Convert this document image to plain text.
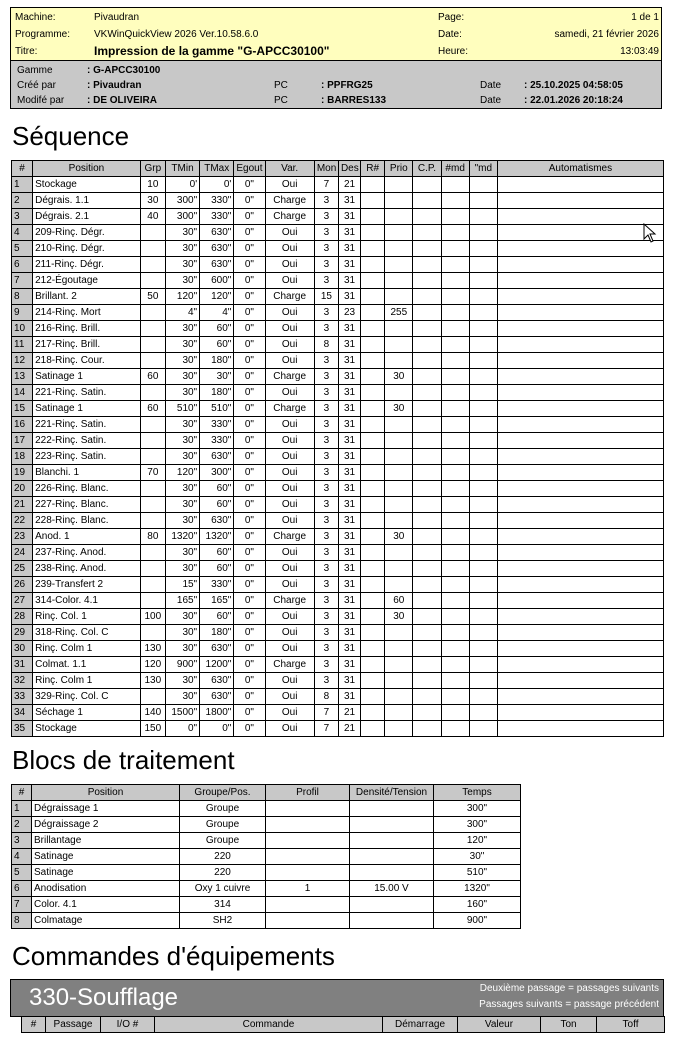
Machine:	Pivaudran
Programme: VKWinQuickView 2026 Ver.10.58.6.0
Titre:	Impression de la gamme "G-APCC30100"
Page:	1 de 1
Date:	samedi, 21 février 2026
Heure:	13:03:49
Gamme	: G-APCC30100
Créé par	: Pivaudran	PC	: PPFRG25	Date : 25.10.2025 04:58:05
Modifé par : DE OLIVEIRA	PC	: BARRES133	Date : 22.01.2026 20:18:24
Séquence
#	Position	Grp	TMin	TMax	Egout	Var.	Mon	Des	R#	Prio	C.P.	#md	"md	Automatismes
1	Stockage	10	0'	0'	0"	Oui	7	21						
2	Dégrais. 1.1	30	300"	330"	0"	Charge	3	31						
3	Dégrais. 2.1	40	300"	330"	0"	Charge	3	31						
4	209-Rinç. Dégr.		30"	630"	0"	Oui	3	31						
5	210-Rinç. Dégr.		30"	630"	0"	Oui	3	31						
6	211-Rinç. Dégr.		30"	630"	0"	Oui	3	31						
7	212-Égoutage		30"	600"	0"	Oui	3	31						
8	Brillant. 2	50	120"	120"	0"	Charge	15	31						
9	214-Rinç. Mort		4"	4"	0"	Oui	3	23		255				
10	216-Rinç. Brill.		30"	60"	0"	Oui	3	31						
11	217-Rinç. Brill.		30"	60"	0"	Oui	8	31						
12	218-Rinç. Cour.		30"	180"	0"	Oui	3	31						
13	Satinage 1	60	30"	30"	0"	Charge	3	31		30				
14	221-Rinç. Satin.		30"	180"	0"	Oui	3	31						
15	Satinage 1	60	510"	510"	0"	Charge	3	31		30				
16	221-Rinç. Satin.		30"	330"	0"	Oui	3	31						
17	222-Rinç. Satin.		30"	330"	0"	Oui	3	31						
18	223-Rinç. Satin.		30"	630"	0"	Oui	3	31						
19	Blanchi. 1	70	120"	300"	0"	Oui	3	31						
20	226-Rinç. Blanc.		30"	60"	0"	Oui	3	31						
21	227-Rinç. Blanc.		30"	60"	0"	Oui	3	31						
22	228-Rinç. Blanc.		30"	630"	0"	Oui	3	31						
23	Anod. 1	80	1320"	1320"	0"	Charge	3	31		30				
24	237-Rinç. Anod.		30"	60"	0"	Oui	3	31						
25	238-Rinç. Anod.		30"	60"	0"	Oui	3	31						
26	239-Transfert 2		15"	330"	0"	Oui	3	31						
27	314-Color. 4.1		165"	165"	0"	Charge	3	31		60				
28	Rinç. Col. 1	100	30"	60"	0"	Oui	3	31		30				
29	318-Rinç. Col. C		30"	180"	0"	Oui	3	31						
30	Rinç. Colm 1	130	30"	630"	0"	Oui	3	31						
31	Colmat. 1.1	120	900"	1200"	0"	Charge	3	31						
32	Rinç. Colm 1	130	30"	630"	0"	Oui	3	31						
33	329-Rinç. Col. C		30"	630"	0"	Oui	8	31						
34	Séchage 1	140	1500"	1800"	0"	Oui	7	21						
35	Stockage	150	0"	0"	0"	Oui	7	21						
Blocs de traitement
#	Position	Groupe/Pos.	Profil	Densité/Tension	Temps
1	Dégraissage 1	Groupe			300"
2	Dégraissage 2	Groupe			300"
3	Brillantage	Groupe			120"
4	Satinage	220			30"
5	Satinage	220			510"
6	Anodisation	Oxy 1 cuivre	1	15.00 V	1320"
7	Color. 4.1	314			160"
8	Colmatage	SH2			900"
Commandes d'équipements
330-Soufflage	Deuxième passage = passages suivants
Passages suivants = passage précédent
#	Passage	I/O #	Commande	Démarrage	Valeur	Ton	Toff
